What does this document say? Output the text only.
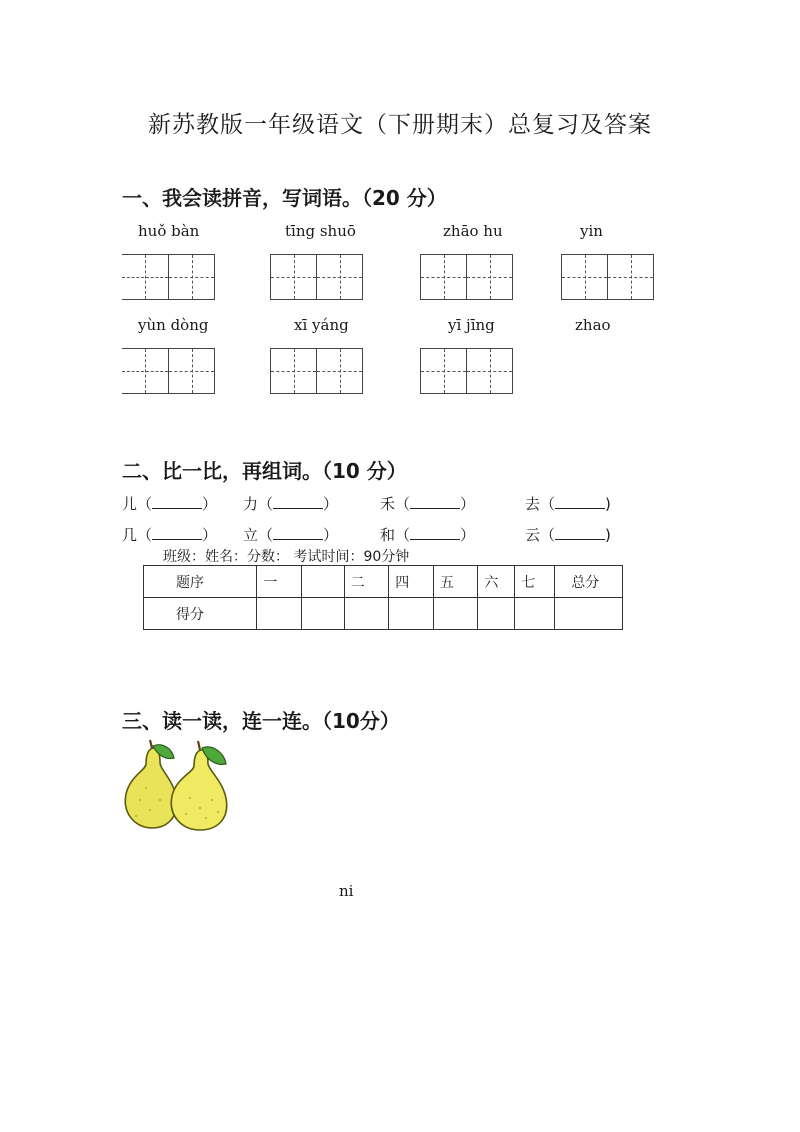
新苏教版一年级语文（下册期末）总复习及答案
一、我会读拼音，写词语。（20 分）
huǒ bàn	tīng shuō	zhāo hu	yin
yùn dòng	xī yáng	yī jīng	zhao
二、比一比，再组词。（10 分）
儿（	） 力（	）	禾（	）	去（	)
几（	） 立（	）	和（	）	云（	)
班级：姓名：分数： 考试时间：90分钟
题序	一		二	四	五	六	七	总分
得分								
三、读一读，连一连。（10分）
ni
